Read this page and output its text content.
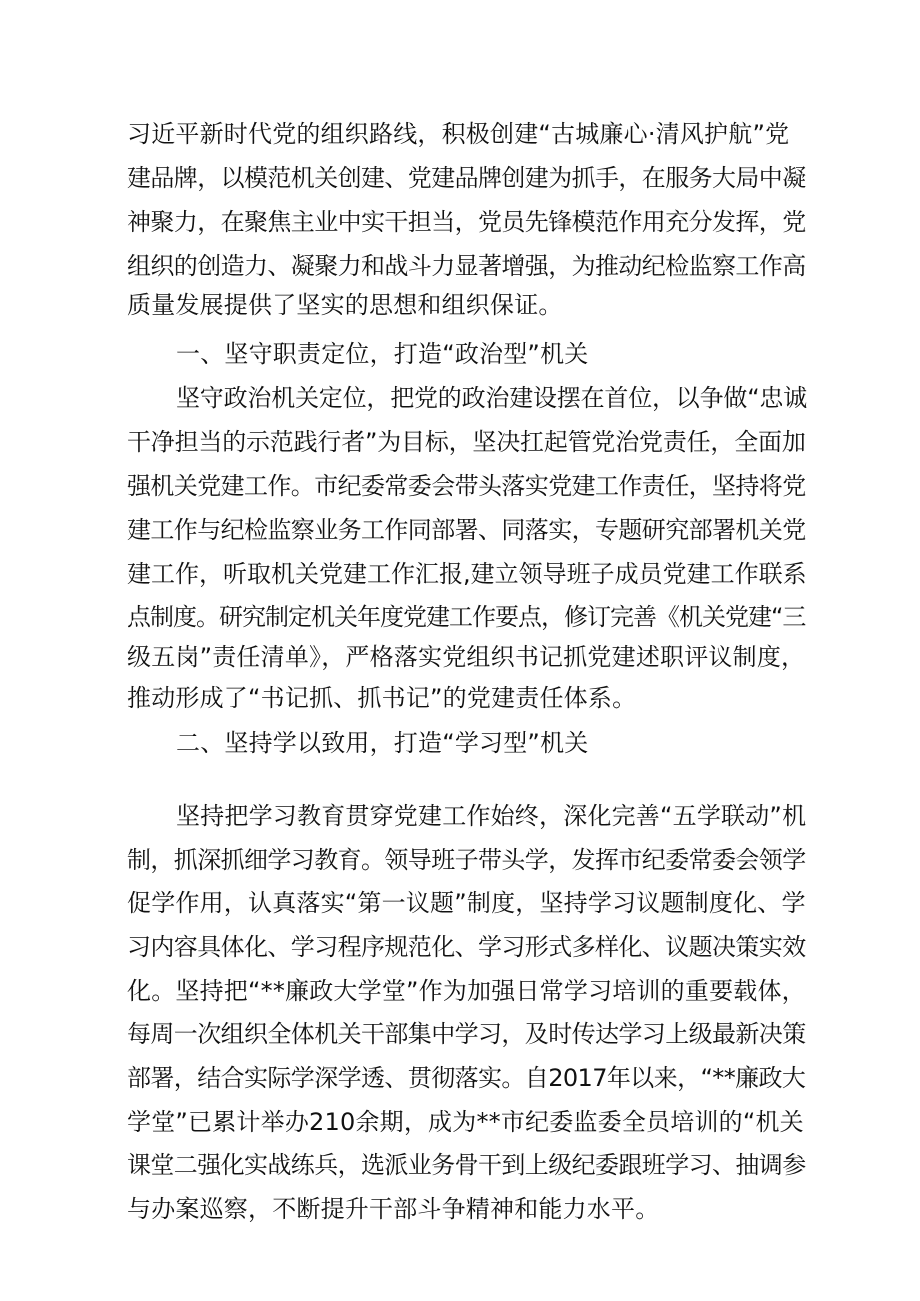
习近平新时代党的组织路线，积极创建“古城廉心·清风护航”党
建品牌，以模范机关创建、党建品牌创建为抓手，在服务大局中凝
神聚力，在聚焦主业中实干担当，党员先锋模范作用充分发挥，党
组织的创造力、凝聚力和战斗力显著增强，为推动纪检监察工作高
质量发展提供了坚实的思想和组织保证。
一、坚守职责定位，打造“政治型”机关
坚守政治机关定位，把党的政治建设摆在首位，以争做“忠诚
干净担当的示范践行者”为目标，坚决扛起管党治党责任，全面加
强机关党建工作。市纪委常委会带头落实党建工作责任，坚持将党
建工作与纪检监察业务工作同部署、同落实，专题研究部署机关党
建工作，听取机关党建工作汇报,建立领导班子成员党建工作联系
点制度。研究制定机关年度党建工作要点，修订完善《机关党建“三
级五岗”责任清单》，严格落实党组织书记抓党建述职评议制度，
推动形成了“书记抓、抓书记”的党建责任体系。
二、坚持学以致用，打造“学习型”机关
坚持把学习教育贯穿党建工作始终，深化完善“五学联动”机
制，抓深抓细学习教育。领导班子带头学，发挥市纪委常委会领学
促学作用，认真落实“第一议题”制度，坚持学习议题制度化、学
习内容具体化、学习程序规范化、学习形式多样化、议题决策实效
化。坚持把“**廉政大学堂”作为加强日常学习培训的重要载体，
每周一次组织全体机关干部集中学习，及时传达学习上级最新决策
部署，结合实际学深学透、贯彻落实。自2017年以来，“**廉政大
学堂”已累计举办210余期，成为**市纪委监委全员培训的“机关
课堂二强化实战练兵，选派业务骨干到上级纪委跟班学习、抽调参
与办案巡察，不断提升干部斗争精神和能力水平。
